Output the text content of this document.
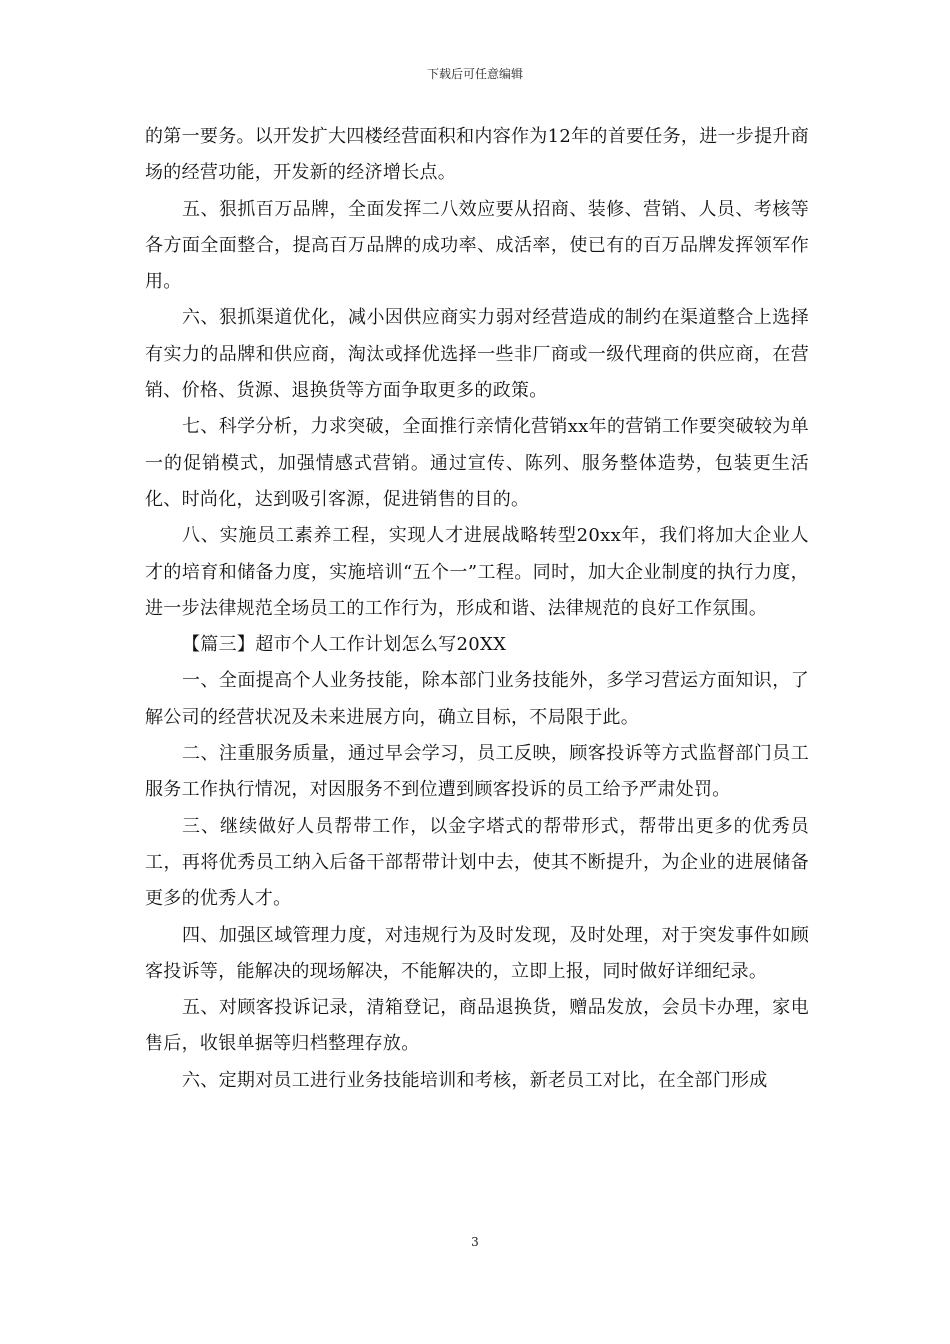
下载后可任意编辑

的第一要务。以开发扩大四楼经营面积和内容作为12年的首要任务，进一步提升商场的经营功能，开发新的经济增长点。

五、狠抓百万品牌，全面发挥二八效应要从招商、装修、营销、人员、考核等各方面全面整合，提高百万品牌的成功率、成活率，使已有的百万品牌发挥领军作用。

六、狠抓渠道优化，减小因供应商实力弱对经营造成的制约在渠道整合上选择有实力的品牌和供应商，淘汰或择优选择一些非厂商或一级代理商的供应商，在营销、价格、货源、退换货等方面争取更多的政策。

七、科学分析，力求突破，全面推行亲情化营销xx年的营销工作要突破较为单一的促销模式，加强情感式营销。通过宣传、陈列、服务整体造势，包装更生活化、时尚化，达到吸引客源，促进销售的目的。

八、实施员工素养工程，实现人才进展战略转型20xx年，我们将加大企业人才的培育和储备力度，实施培训“五个一”工程。同时，加大企业制度的执行力度，进一步法律规范全场员工的工作行为，形成和谐、法律规范的良好工作氛围。

【篇三】超市个人工作计划怎么写20XX

一、全面提高个人业务技能，除本部门业务技能外，多学习营运方面知识，了解公司的经营状况及未来进展方向，确立目标，不局限于此。

二、注重服务质量，通过早会学习，员工反映，顾客投诉等方式监督部门员工服务工作执行情况，对因服务不到位遭到顾客投诉的员工给予严肃处罚。

三、继续做好人员帮带工作，以金字塔式的帮带形式，帮带出更多的优秀员工，再将优秀员工纳入后备干部帮带计划中去，使其不断提升，为企业的进展储备更多的优秀人才。

四、加强区域管理力度，对违规行为及时发现，及时处理，对于突发事件如顾客投诉等，能解决的现场解决，不能解决的，立即上报，同时做好详细纪录。

五、对顾客投诉记录，清箱登记，商品退换货，赠品发放，会员卡办理，家电售后，收银单据等归档整理存放。

六、定期对员工进行业务技能培训和考核，新老员工对比，在全部门形成

3
